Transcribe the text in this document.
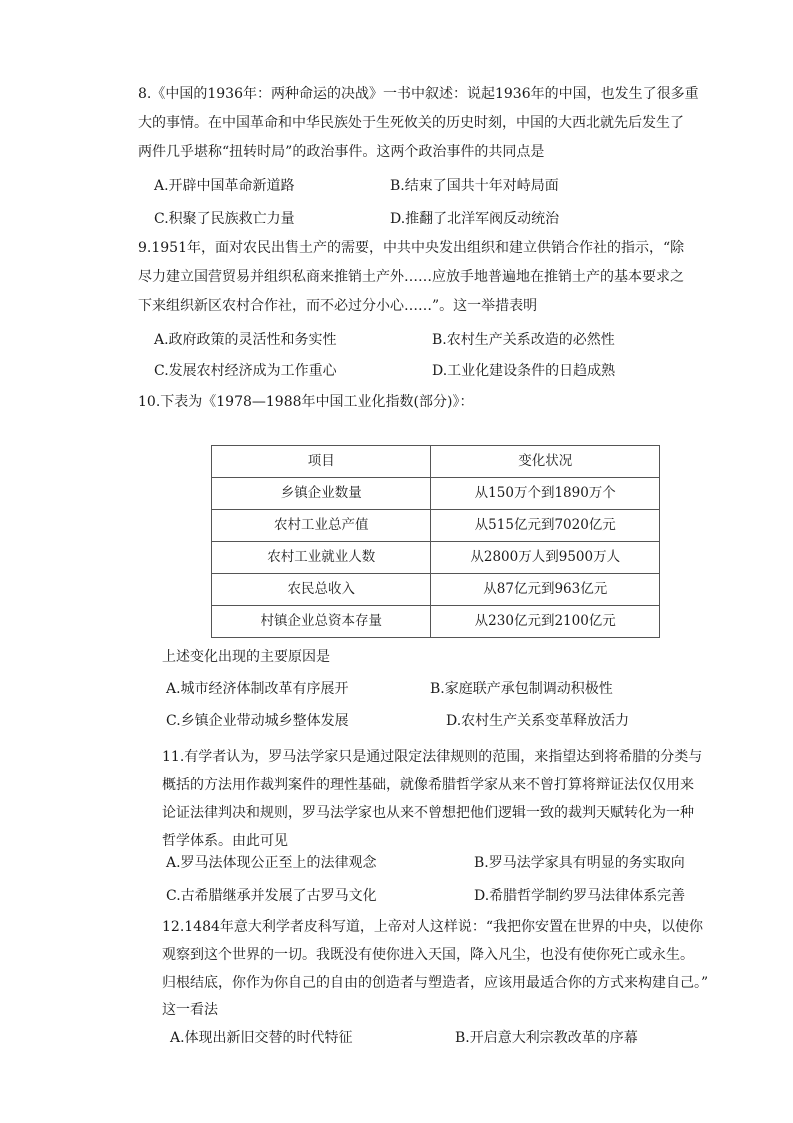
8.《中国的1936年：两种命运的决战》一书中叙述：说起1936年的中国，也发生了很多重
大的事情。在中国革命和中华民族处于生死攸关的历史时刻，中国的大西北就先后发生了
两件几乎堪称“扭转时局”的政治事件。这两个政治事件的共同点是
A.开辟中国革命新道路	B.结束了国共十年对峙局面
C.积聚了民族救亡力量	D.推翻了北洋军阀反动统治
9.1951年，面对农民出售土产的需要，中共中央发出组织和建立供销合作社的指示，“除
尽力建立国营贸易并组织私商来推销土产外……应放手地普遍地在推销土产的基本要求之
下来组织新区农村合作社，而不必过分小心……”。这一举措表明
A.政府政策的灵活性和务实性	B.农村生产关系改造的必然性
C.发展农村经济成为工作重心	D.工业化建设条件的日趋成熟
10.下表为《1978—1988年中国工业化指数(部分)》：
项目	变化状况
乡镇企业数量	从150万个到1890万个
农村工业总产值	从515亿元到7020亿元
农村工业就业人数	从2800万人到9500万人
农民总收入	从87亿元到963亿元
村镇企业总资本存量	从230亿元到2100亿元
上述变化出现的主要原因是
A.城市经济体制改革有序展开	B.家庭联产承包制调动积极性
C.乡镇企业带动城乡整体发展	D.农村生产关系变革释放活力
11.有学者认为，罗马法学家只是通过限定法律规则的范围，来指望达到将希腊的分类与
概括的方法用作裁判案件的理性基础，就像希腊哲学家从来不曾打算将辩证法仅仅用来
论证法律判决和规则，罗马法学家也从来不曾想把他们逻辑一致的裁判天赋转化为一种
哲学体系。由此可见
A.罗马法体现公正至上的法律观念	B.罗马法学家具有明显的务实取向
C.古希腊继承并发展了古罗马文化	D.希腊哲学制约罗马法律体系完善
12.1484年意大利学者皮科写道，上帝对人这样说：“我把你安置在世界的中央，以使你
观察到这个世界的一切。我既没有使你进入天国，降入凡尘，也没有使你死亡或永生。
归根结底，你作为你自己的自由的创造者与塑造者，应该用最适合你的方式来构建自己。”
这一看法
A.体现出新旧交替的时代特征	B.开启意大利宗教改革的序幕
